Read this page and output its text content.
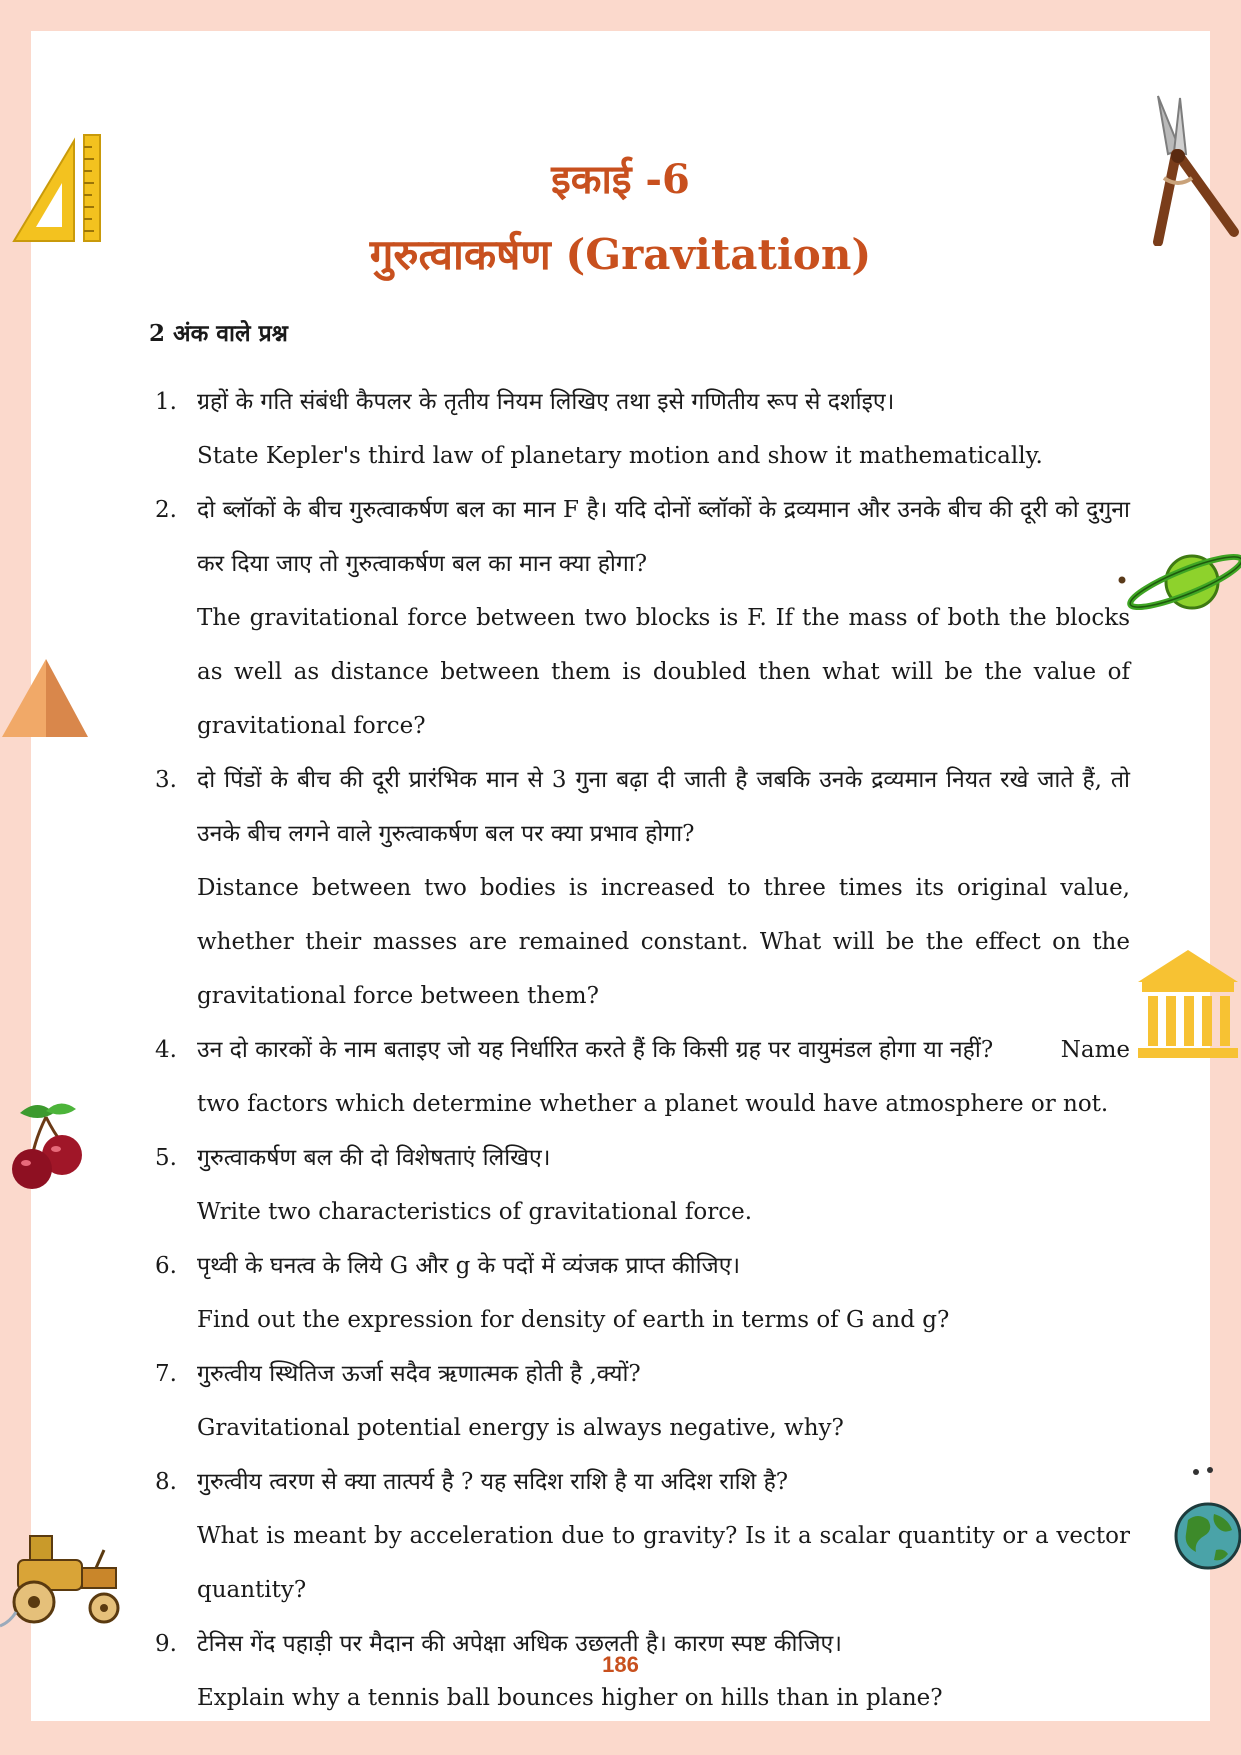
इकाई -6
गुरुत्वाकर्षण (Gravitation)
2 अंक वाले प्रश्न
1. ग्रहों के गति संबंधी कैपलर के तृतीय नियम लिखिए तथा इसे गणितीय रूप से दर्शाइए।

State Kepler's third law of planetary motion and show it mathematically.

2. दो ब्लॉकों के बीच गुरुत्वाकर्षण बल का मान F है। यदि दोनों ब्लॉकों के द्रव्यमान और उनके बीच की दूरी को दुगुना कर दिया जाए तो गुरुत्वाकर्षण बल का मान क्या होगा?

The gravitational force between two blocks is F. If the mass of both the blocks as well as distance between them is doubled then what will be the value of gravitational force?

3. दो पिंडों के बीच की दूरी प्रारंभिक मान से 3 गुना बढ़ा दी जाती है जबकि उनके द्रव्यमान नियत रखे जाते हैं, तो उनके बीच लगने वाले गुरुत्वाकर्षण बल पर क्या प्रभाव होगा?

Distance between two bodies is increased to three times its original value, whether their masses are remained constant. What will be the effect on the gravitational force between them?

4. उन दो कारकों के नाम बताइए जो यह निर्धारित करते हैं कि किसी ग्रह पर वायुमंडल होगा या नहीं?	Name

two factors which determine whether a planet would have atmosphere or not.

5. गुरुत्वाकर्षण बल की दो विशेषताएं लिखिए।

Write two characteristics of gravitational force.

6. पृथ्वी के घनत्व के लिये G और g के पदों में व्यंजक प्राप्त कीजिए।

Find out the expression for density of earth in terms of G and g?

7. गुरुत्वीय स्थितिज ऊर्जा सदैव ऋणात्मक होती है ,क्यों?

Gravitational potential energy is always negative, why?

8. गुरुत्वीय त्वरण से क्या तात्पर्य है ? यह सदिश राशि है या अदिश राशि है?

What is meant by acceleration due to gravity? Is it a scalar quantity or a vector quantity?

9. टेनिस गेंद पहाड़ी पर मैदान की अपेक्षा अधिक उछलती है। कारण स्पष्ट कीजिए।

Explain why a tennis ball bounces higher on hills than in plane?

186
